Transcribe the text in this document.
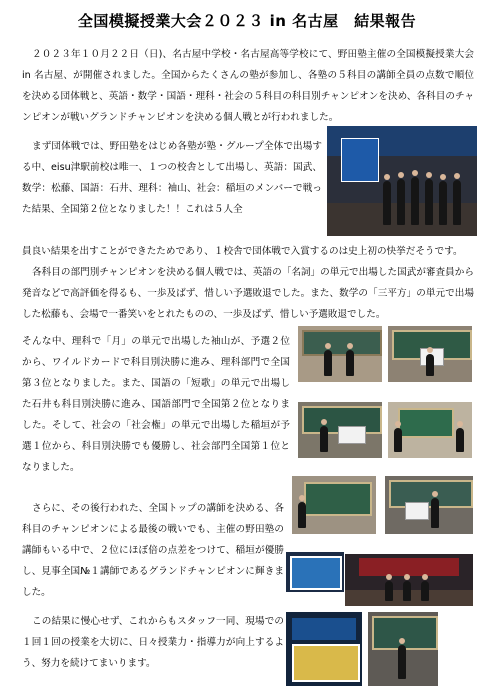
全国模擬授業大会２０２３ in 名古屋　結果報告

２０２３年１０月２２日（日)、名古屋中学校・名古屋高等学校にて、野田塾主催の全国模擬授業大会 in 名古屋、が開催されました。全国からたくさんの塾が参加し、各塾の５科目の講師全員の点数で順位を決める団体戦と、英語・数学・国語・理科・社会の５科目の科目別チャンピオンを決め、各科目のチャンピオンが戦いグランドチャンピオンを決める個人戦とが行われました。

まず団体戦では、野田塾をはじめ各塾が塾・グループ全体で出場する中、eisu津駅前校は唯一、１つの校舎として出場し、英語：国武、数学：松藤、国語：石井、理科：袖山、社会：稲垣のメンバーで戦った結果、全国第２位となりました！！これは５人全

員良い結果を出すことができたためであり、１校舎で団体戦で入賞するのは史上初の快挙だそうです。

各科目の部門別チャンピオンを決める個人戦では、英語の「名詞」の単元で出場した国武が審査員から発音などで高評価を得るも、一歩及ばず、惜しい予選敗退でした。また、数学の「三平方」の単元で出場した松藤も、会場で一番笑いをとれたものの、一歩及ばず、惜しい予選敗退でした。

そんな中、理科で「月」の単元で出場した袖山が、予選２位から、ワイルドカードで科目別決勝に進み、理科部門で全国第３位となりました。また、国語の「短歌」の単元で出場した石井も科目別決勝に進み、国語部門で全国第２位となりました。そして、社会の「社会権」の単元で出場した稲垣が予選１位から、科目別決勝でも優勝し、社会部門全国第１位となりました。

さらに、その後行われた、全国トップの講師を決める、各科目のチャンピオンによる最後の戦いでも、主催の野田塾の講師もいる中で、２位にほぼ倍の点差をつけて、稲垣が優勝し、見事全国№１講師であるグランドチャンピオンに輝きました。

この結果に慢心せず、これからもスタッフ一同、現場での１回１回の授業を大切に、日々授業力・指導力が向上するよう、努力を続けてまいります。
